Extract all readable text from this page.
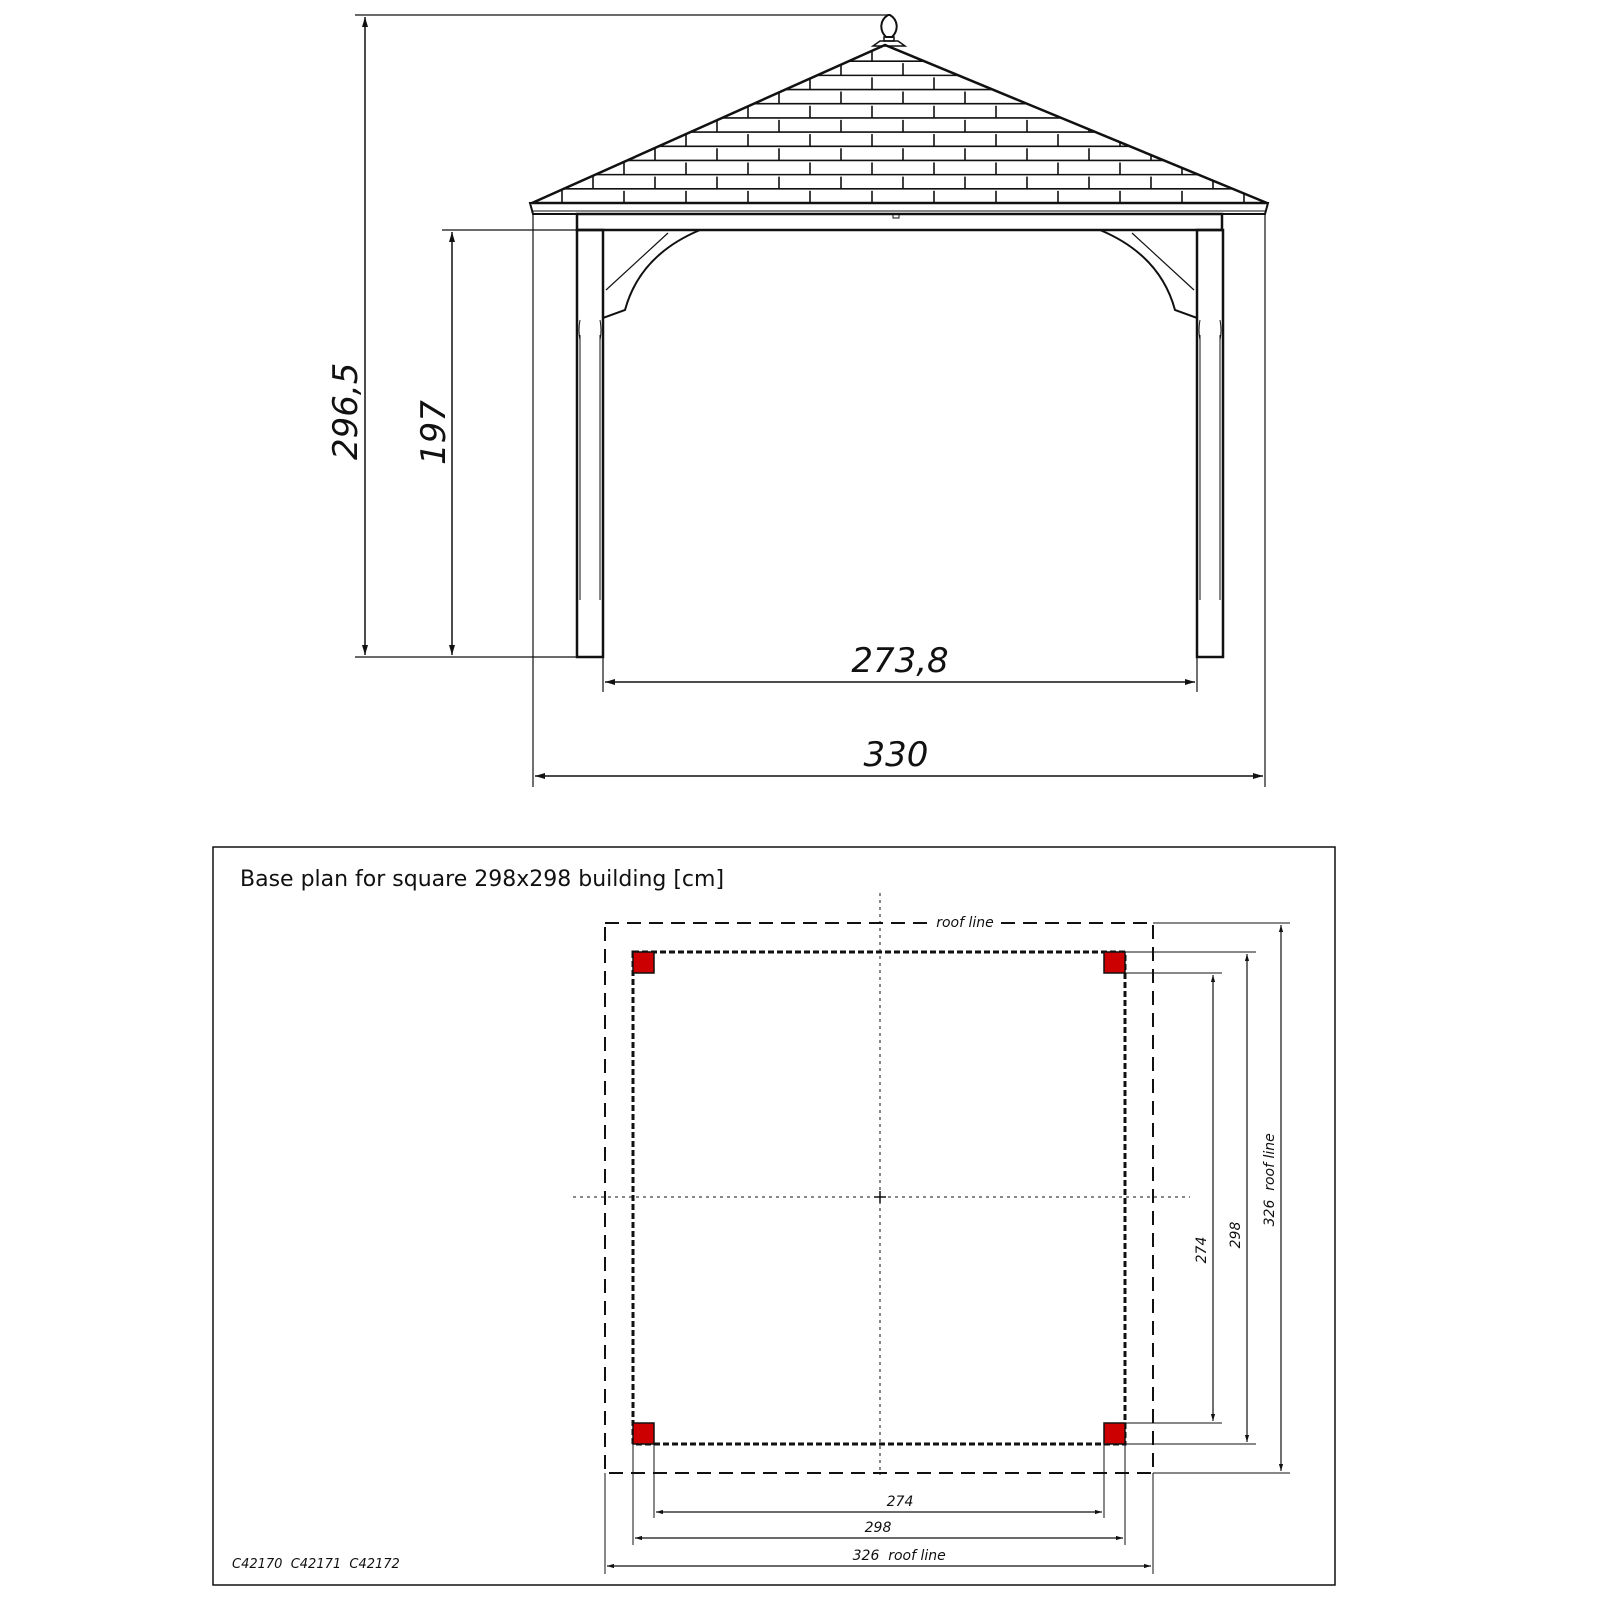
296,5 197
273,8
330
Base plan for square 298x298 building [cm]
roof line
274
298
326 roof line
274
298
326
roof line
C42170  C42171  C42172
